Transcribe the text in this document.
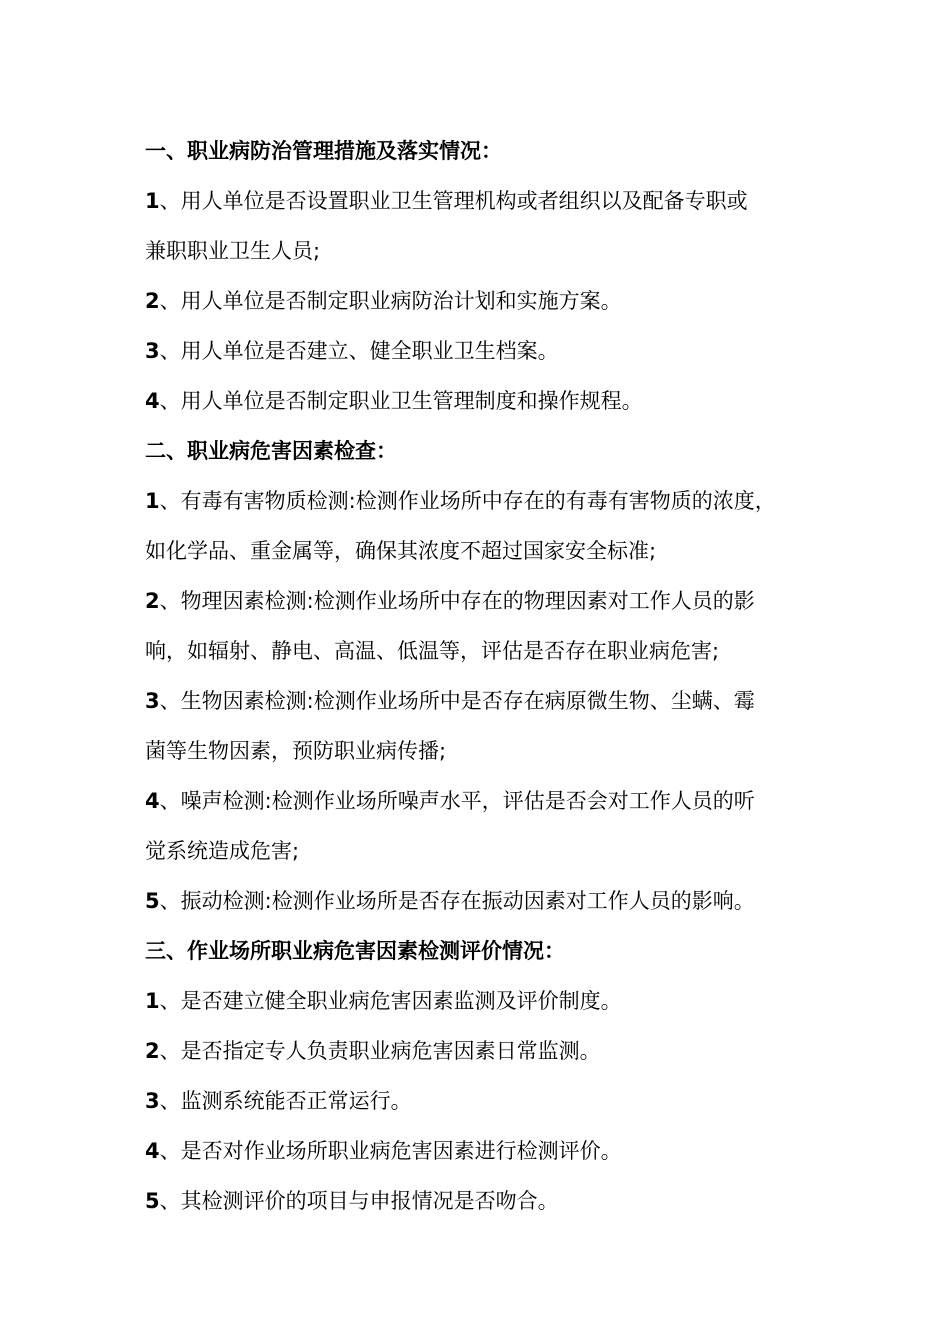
一、职业病防治管理措施及落实情况：

1、用人单位是否设置职业卫生管理机构或者组织以及配备专职或

兼职职业卫生人员;

2、用人单位是否制定职业病防治计划和实施方案。

3、用人单位是否建立、健全职业卫生档案。

4、用人单位是否制定职业卫生管理制度和操作规程。

二、职业病危害因素检查：

1、有毒有害物质检测:检测作业场所中存在的有毒有害物质的浓度，

如化学品、重金属等，确保其浓度不超过国家安全标准;

2、物理因素检测:检测作业场所中存在的物理因素对工作人员的影

响，如辐射、静电、高温、低温等，评估是否存在职业病危害;

3、生物因素检测:检测作业场所中是否存在病原微生物、尘螨、霉

菌等生物因素，预防职业病传播;

4、噪声检测:检测作业场所噪声水平，评估是否会对工作人员的听

觉系统造成危害;

5、振动检测:检测作业场所是否存在振动因素对工作人员的影响。

三、作业场所职业病危害因素检测评价情况：

1、是否建立健全职业病危害因素监测及评价制度。

2、是否指定专人负责职业病危害因素日常监测。

3、监测系统能否正常运行。

4、是否对作业场所职业病危害因素进行检测评价。

5、其检测评价的项目与申报情况是否吻合。
